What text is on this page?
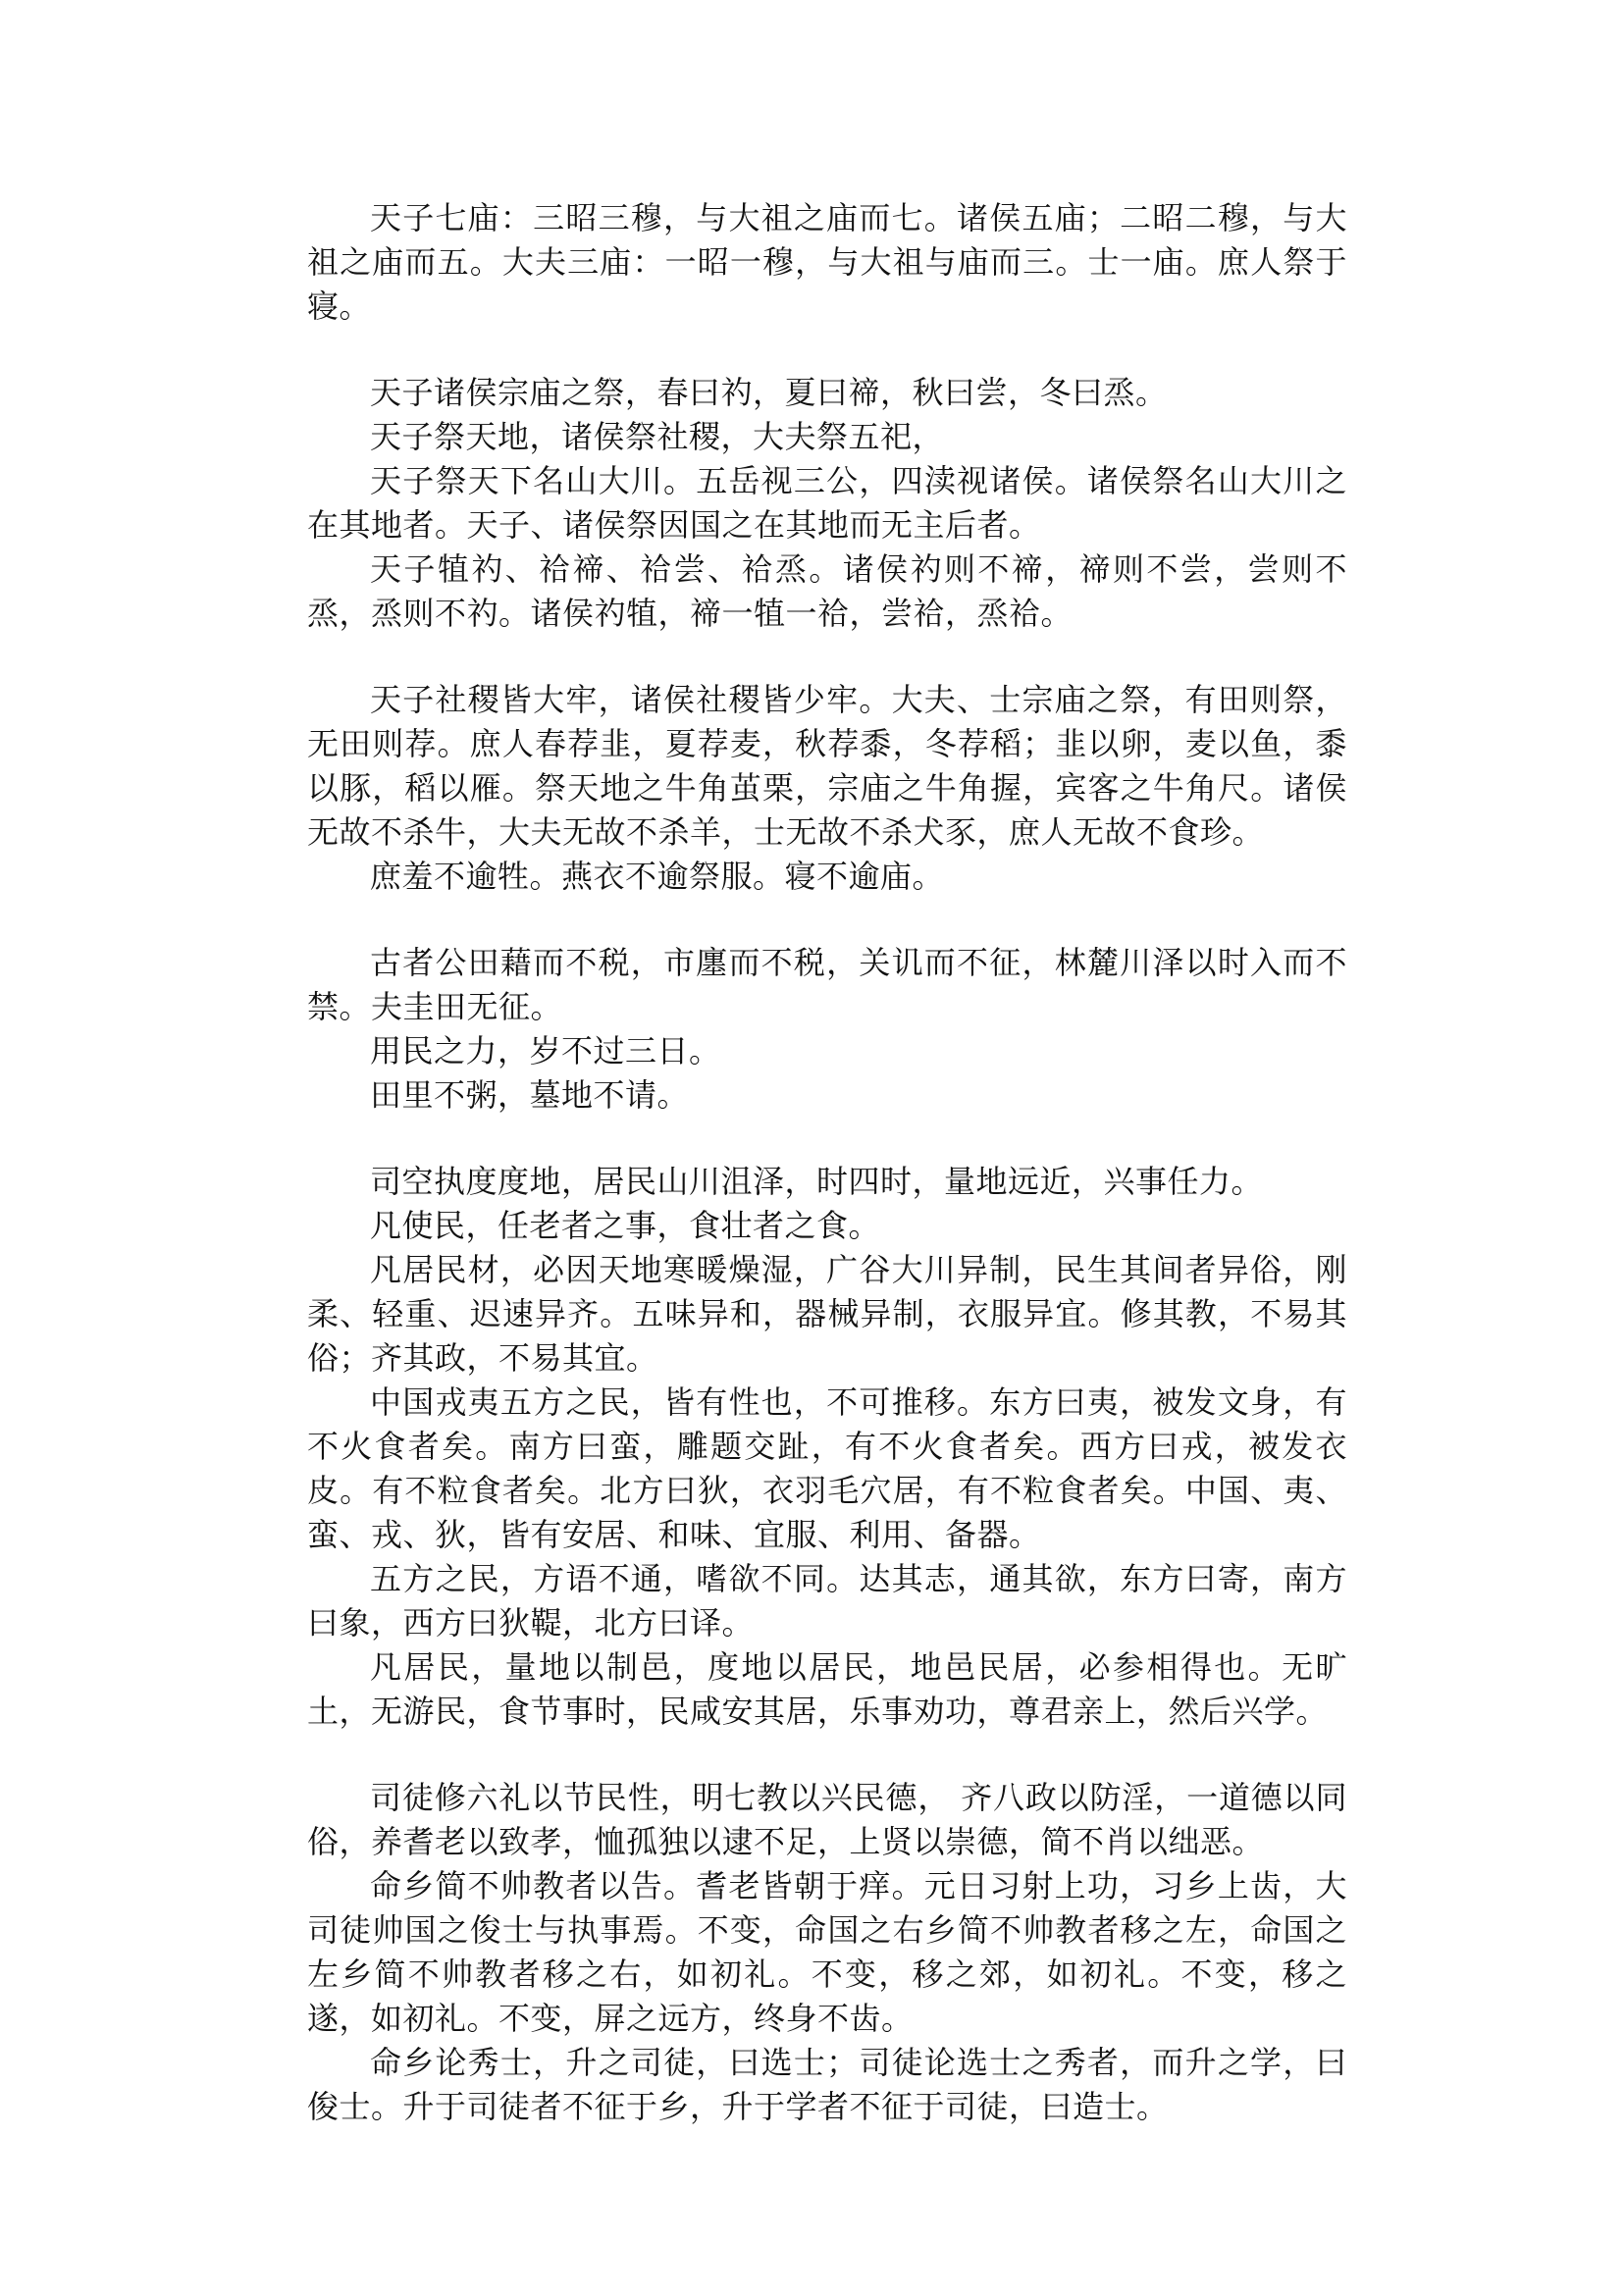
天子七庙：三昭三穆，与大祖之庙而七。诸侯五庙；二昭二穆，与大祖之庙而五。大夫三庙：一昭一穆，与大祖与庙而三。士一庙。庶人祭于寝。

天子诸侯宗庙之祭，春曰礿，夏曰禘，秋曰尝，冬曰烝。

天子祭天地，诸侯祭社稷，大夫祭五祀，

天子祭天下名山大川。五岳视三公，四渎视诸侯。诸侯祭名山大川之在其地者。天子、诸侯祭因国之在其地而无主后者。

天子犆礿、祫禘、祫尝、祫烝。诸侯礿则不禘，禘则不尝，尝则不烝，烝则不礿。诸侯礿犆，禘一犆一祫，尝祫，烝祫。

天子社稷皆大牢，诸侯社稷皆少牢。大夫、士宗庙之祭，有田则祭，无田则荐。庶人春荐韭，夏荐麦，秋荐黍，冬荐稻；韭以卵，麦以鱼，黍以豚，稻以雁。祭天地之牛角茧栗，宗庙之牛角握，宾客之牛角尺。诸侯无故不杀牛，大夫无故不杀羊，士无故不杀犬豕，庶人无故不食珍。

庶羞不逾牲。燕衣不逾祭服。寝不逾庙。

古者公田藉而不税，市廛而不税，关讥而不征，林麓川泽以时入而不禁。夫圭田无征。

用民之力，岁不过三日。

田里不粥，墓地不请。

司空执度度地，居民山川沮泽，时四时，量地远近，兴事任力。

凡使民，任老者之事，食壮者之食。

凡居民材，必因天地寒暖燥湿，广谷大川异制，民生其间者异俗，刚柔、轻重、迟速异齐。五味异和，器械异制，衣服异宜。修其教，不易其俗；齐其政，不易其宜。

中国戎夷五方之民，皆有性也，不可推移。东方曰夷，被发文身，有不火食者矣。南方曰蛮，雕题交趾，有不火食者矣。西方曰戎，被发衣皮。有不粒食者矣。北方曰狄，衣羽毛穴居，有不粒食者矣。中国、夷、蛮、戎、狄，皆有安居、和味、宜服、利用、备器。

五方之民，方语不通，嗜欲不同。达其志，通其欲，东方曰寄，南方曰象，西方曰狄鞮，北方曰译。

凡居民，量地以制邑，度地以居民，地邑民居，必参相得也。无旷土，无游民，食节事时，民咸安其居，乐事劝功，尊君亲上，然后兴学。

司徒修六礼以节民性，明七教以兴民德， 齐八政以防淫，一道德以同俗，养耆老以致孝，恤孤独以逮不足，上贤以崇德，简不肖以绌恶。

命乡简不帅教者以告。耆老皆朝于痒。元日习射上功，习乡上齿，大司徒帅国之俊士与执事焉。不变，命国之右乡简不帅教者移之左，命国之左乡简不帅教者移之右，如初礼。不变，移之郊，如初礼。不变，移之遂，如初礼。不变，屏之远方，终身不齿。

命乡论秀士，升之司徒，曰选士；司徒论选士之秀者，而升之学，曰俊士。升于司徒者不征于乡，升于学者不征于司徒，曰造士。
